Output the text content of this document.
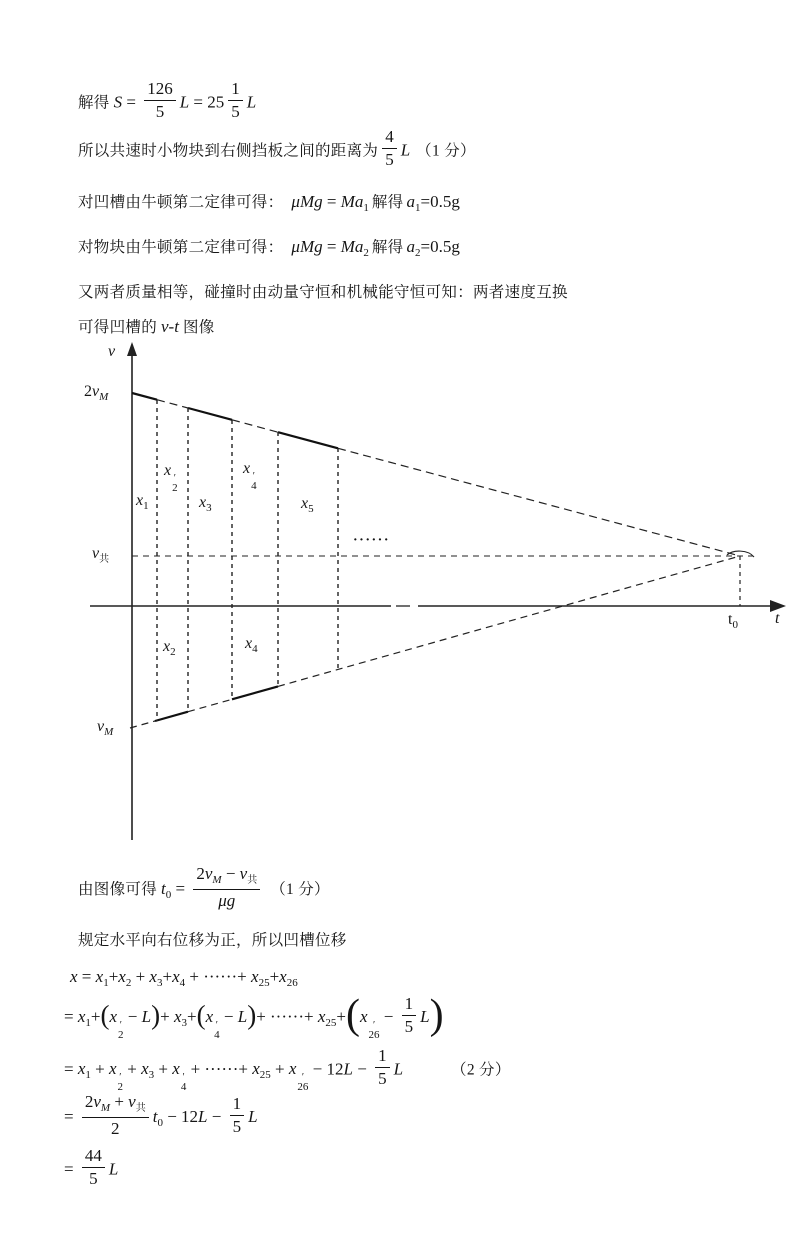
解得 $S = \frac{126}{5}$ $L = 25 \frac{1}{5}$ L
所以共速时小物块到右侧挡板之间的距离为 $\frac{4}{5}$ L （1 分）
对凹槽由牛顿第二定律可得： $\mu Mg = Ma_1$ 解得 $a_1=0.5g$
对物块由牛顿第二定律可得： $\mu Mg = Ma_2$ 解得 $a_2=0.5g$
又两者质量相等，碰撞时由动量守恒和机械能守恒可知：两者速度互换
可得凹槽的 v-t 图像
v
$2v_M$
$v_共$
$v_M$
$x_1$
x ′
2
$x_3$
x ′
4
$x_5$
$x_2$	$x_4$
······
$t_0$ t
由图像可得 $t_0 = \frac{2v_M - v_共}{\mu g} (1$ 分）
规定水平向右位移为正，所以凹槽位移
$x = x_1+x_2 + x_3+x_4$ + ······+ $x_{25}+x_{26}$
= $x_1+(x$ ′
2
− $L)+ x_3+(x$ ′
4
− L)+ ······+ $x_{25}+(x$ ′
26
− $\frac{1}{5} L$)
= $x_1 + x$ ′
2
+ $x_3 + x$ ′
4
+ ······+ $x_{25} + x$ ′
26
− $12L - \frac{1}{5}$ L	（2 分）
= $\frac{2v_M + v_共}{2} t_0 - 12L - \frac{1}{5}$ L
= $\frac{44}{5}$ L
